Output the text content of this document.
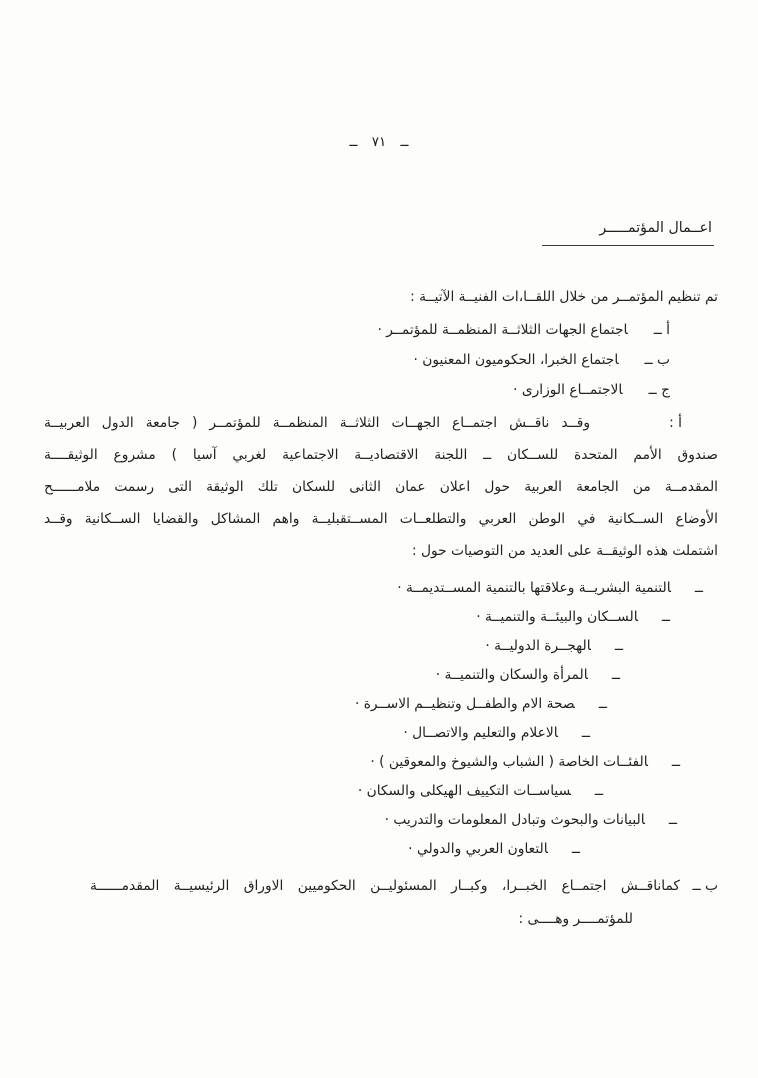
ــ ٧١ ــ
اعــمال المؤتمـــــر
تم تنظيم المؤتمــر من خلال اللقــا،ات الفنيــة الآتيــة :
أ ــاجتماع الجهات الثلاثــة المنظمــة للمؤتمــر ·
ب ــاجتماع الخبرا، الحكوميون المعنيون ·
ج ــالاجتمــاع الوزارى ·
أ :
وقــد ناقــش اجتمــاع الجهــات الثلاثــة المنظمــة للمؤتمــر ( جامعة الدول العربيــة
صندوق الأمم المتحدة للســكان ــ اللجنة الاقتصاديــة الاجتماعية لغربي آسيا ) مشروع الوثيقــــة
المقدمــة من الجامعة العربية حول اعلان عمان الثانى للسكان تلك الوثيقة التى رسمت ملامــــــح
الأوضاع الســكانية في الوطن العربي والتطلعــات المســتقبليــة واهم المشاكل والقضايا الســكانية وقــد
اشتملت هذه الوثيقــة على العديد من التوصيات حول :
ــالتنمية البشريــة وعلاقتها بالتنمية المســتديمــة ·
ــالســكان والبيئــة والتنميــة ·
ــالهجــرة الدوليــة ·
ــالمرأة والسكان والتنميــة ·
ــصحة الام والطفــل وتنظيــم الاســرة ·
ــالاعلام والتعليم والاتصــال ·
ــالفئــات الخاصة ( الشباب والشيوخ والمعوقين ) ·
ــسياســات التكييف الهيكلى والسكان ·
ــالبيانات والبحوث وتبادل المعلومات والتدريب ·
ــالتعاون العربي والدولي ·
ب ــ
كماناقــش اجتمــاع الخبــرا، وكبــار المسئوليــن الحكوميين الاوراق الرئيسيــة المقدمــــــة
للمؤتمــــر وهــــى :
